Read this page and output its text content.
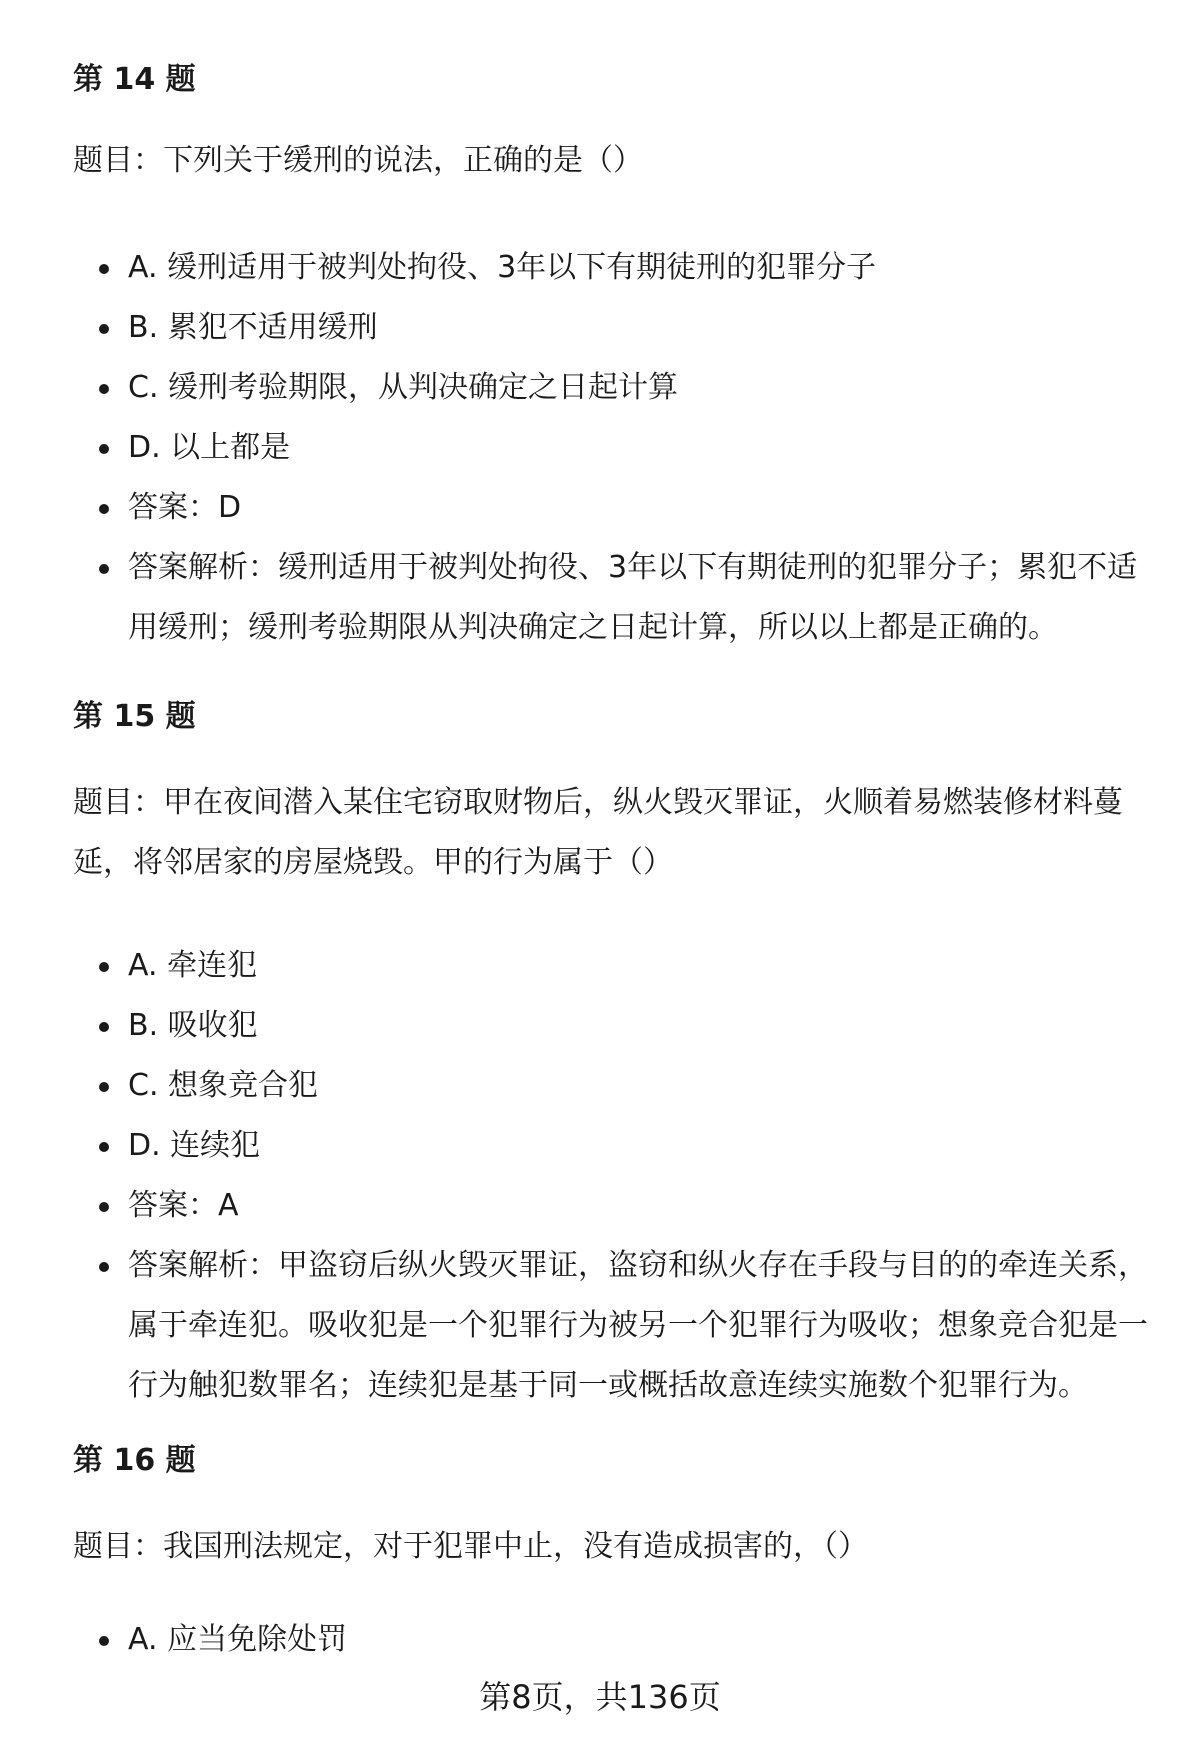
第 14 题
题目：下列关于缓刑的说法，正确的是（）
A. 缓刑适用于被判处拘役、3年以下有期徒刑的犯罪分子
B. 累犯不适用缓刑
C. 缓刑考验期限，从判决确定之日起计算
D. 以上都是
答案：D
答案解析：缓刑适用于被判处拘役、3年以下有期徒刑的犯罪分子；累犯不适用缓刑；缓刑考验期限从判决确定之日起计算，所以以上都是正确的。
第 15 题
题目：甲在夜间潜入某住宅窃取财物后，纵火毁灭罪证，火顺着易燃装修材料蔓延，将邻居家的房屋烧毁。甲的行为属于（）
A. 牵连犯
B. 吸收犯
C. 想象竞合犯
D. 连续犯
答案：A
答案解析：甲盗窃后纵火毁灭罪证，盗窃和纵火存在手段与目的的牵连关系，属于牵连犯。吸收犯是一个犯罪行为被另一个犯罪行为吸收；想象竞合犯是一行为触犯数罪名；连续犯是基于同一或概括故意连续实施数个犯罪行为。
第 16 题
题目：我国刑法规定，对于犯罪中止，没有造成损害的，（）
A. 应当免除处罚
第8页，共136页
